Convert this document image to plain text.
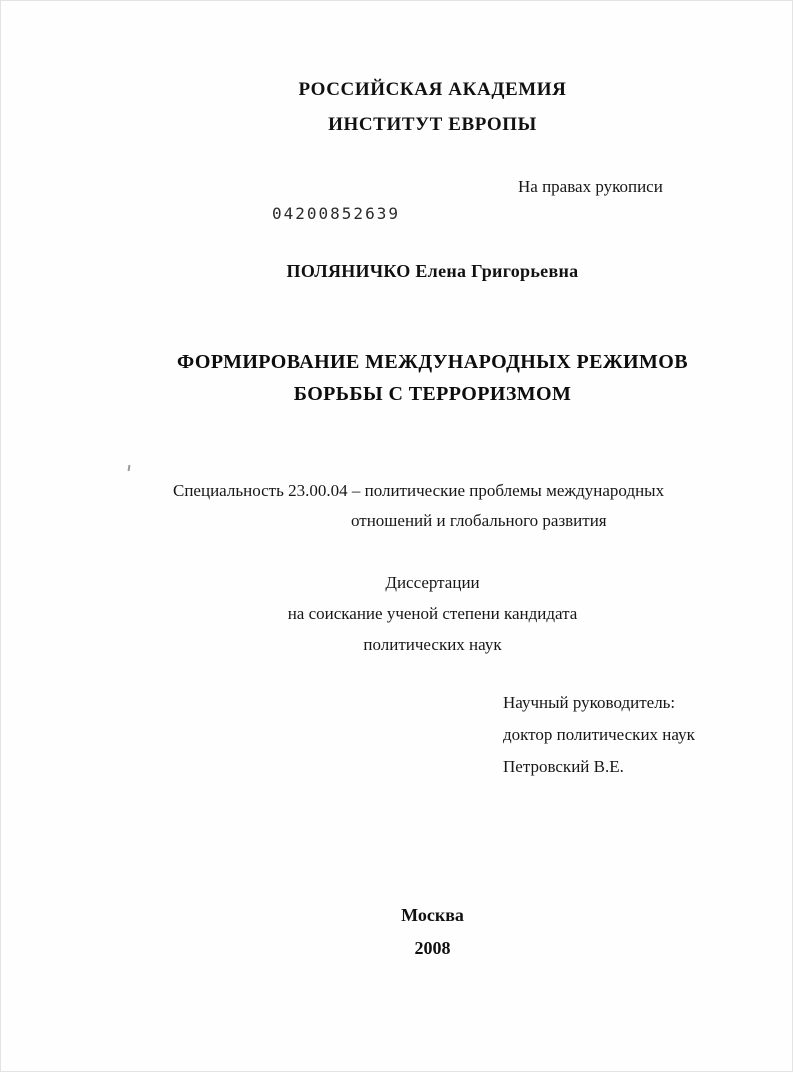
РОССИЙСКАЯ АКАДЕМИЯ
ИНСТИТУТ ЕВРОПЫ
На правах рукописи
04200852639
ПОЛЯНИЧКО Елена Григорьевна
ФОРМИРОВАНИЕ МЕЖДУНАРОДНЫХ РЕЖИМОВ
БОРЬБЫ С ТЕРРОРИЗМОМ
Специальность 23.00.04 – политические проблемы международных
отношений и глобального развития
Диссертации
на соискание ученой степени кандидата
политических наук
Научный руководитель:
доктор политических наук
Петровский В.Е.
Москва
2008
